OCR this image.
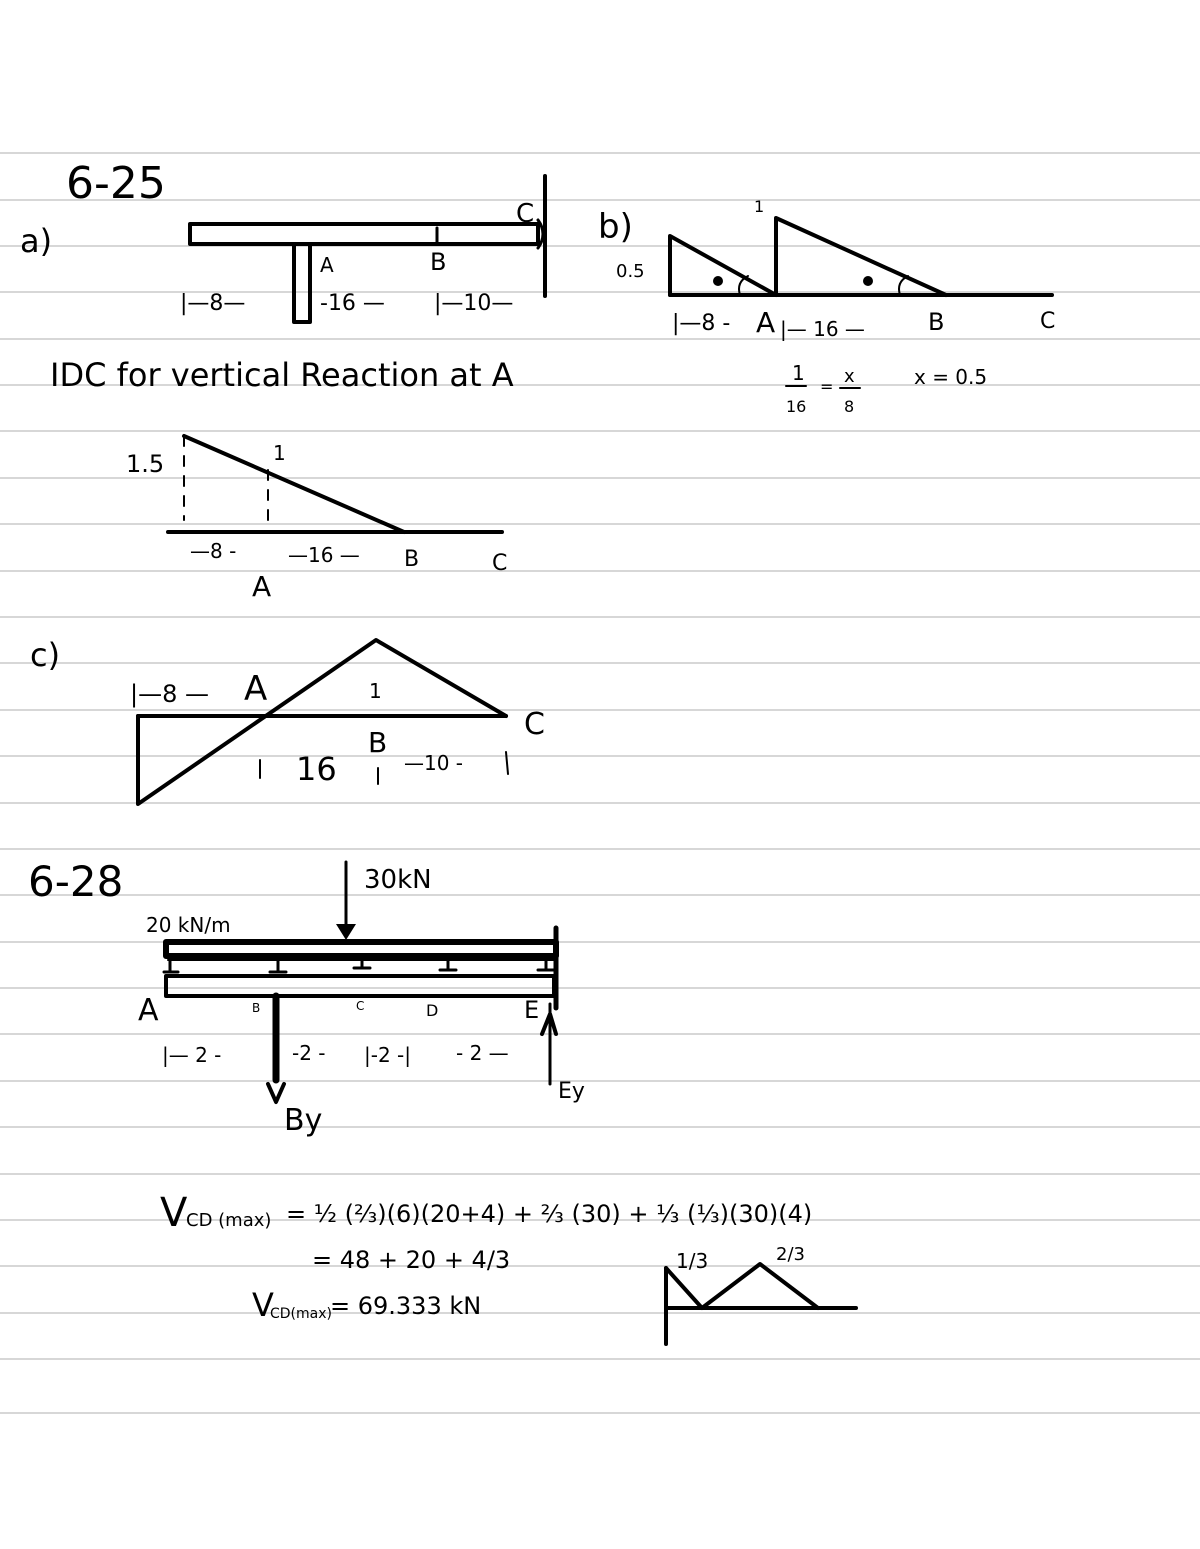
6-25
a)
A	B
C
|—8—	-16 — |—10—
IDC for vertical Reaction at A
1.5	1
—8 -	—16 —
A
B	C
b)
0.5
1
|—8 - A |— 16 —	B	C
1
16
= x
8
x = 0.5
c)
|—8 — A	1
B
C
16	—10 -
6-28	30kN
20 kN/m
A	B	C	D	E
|— 2 -	-2 - |-2 -| - 2 —
By
Ey
V
CD (max) = ½ (⅔)(6)(20+4) + ⅔ (30) + ⅓ (⅓)(30)(4)
= 48 + 20 + 4/3
V
CD(max)
= 69.333 kN
1/3	2/3
